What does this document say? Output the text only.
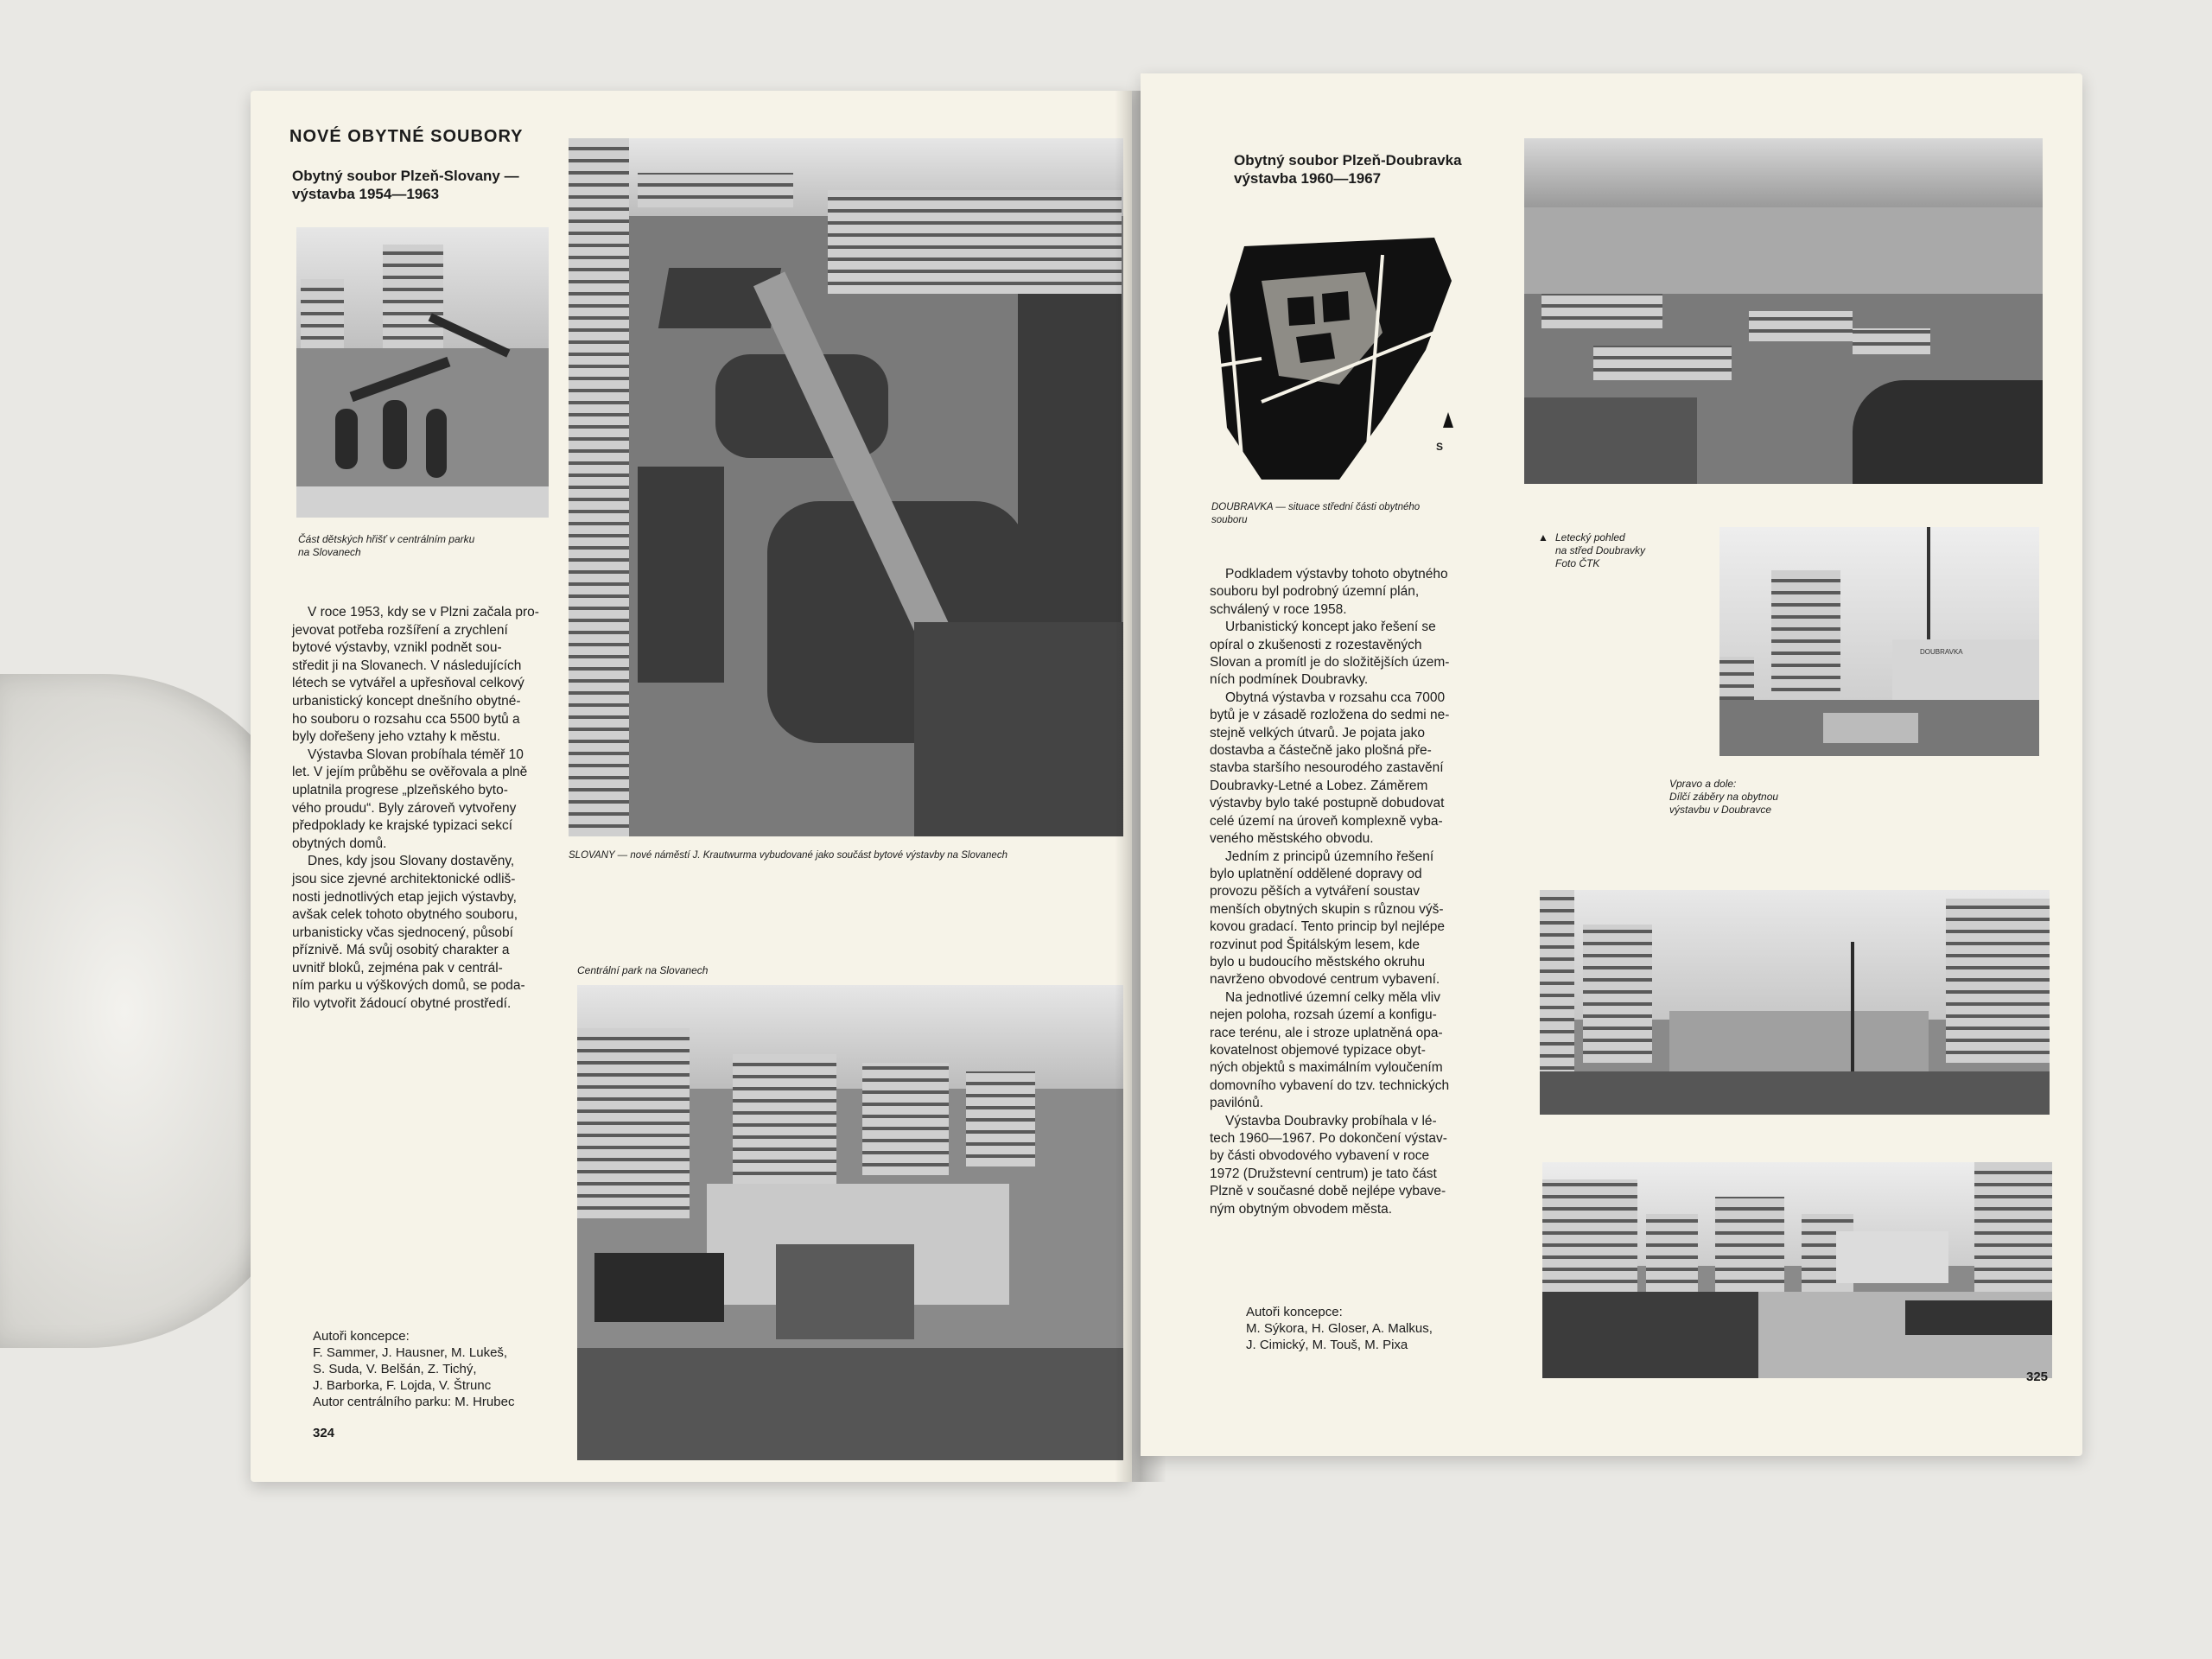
NOVÉ OBYTNÉ SOUBORY
Obytný soubor Plzeň-Slovany —
výstavba 1954—1963
Část dětských hřišť v centrálním parku
na Slovanech

V roce 1953, kdy se v Plzni začala pro-
jevovat potřeba rozšíření a zrychlení
bytové výstavby, vznikl podnět sou-
středit ji na Slovanech. V následujících
létech se vytvářel a upřesňoval celkový
urbanistický koncept dnešního obytné-
ho souboru o rozsahu cca 5500 bytů a
byly dořešeny jeho vztahy k městu.

Výstavba Slovan probíhala téměř 10
let. V jejím průběhu se ověřovala a plně
uplatnila progrese „plzeňského byto-
vého proudu“. Byly zároveň vytvořeny
předpoklady ke krajské typizaci sekcí
obytných domů.

Dnes, kdy jsou Slovany dostavěny,
jsou sice zjevné architektonické odliš-
nosti jednotlivých etap jejich výstavby,
avšak celek tohoto obytného souboru,
urbanisticky včas sjednocený, působí
příznivě. Má svůj osobitý charakter a
uvnitř bloků, zejména pak v centrál-
ním parku u výškových domů, se poda-
řilo vytvořit žádoucí obytné prostředí.

SLOVANY — nové náměstí J. Krautwurma vybudované jako součást bytové výstavby na Slovanech
Centrální park na Slovanech
Autoři koncepce:
F. Sammer, J. Hausner, M. Lukeš,
S. Suda, V. Belšán, Z. Tichý,
J. Barborka, F. Lojda, V. Štrunc
Autor centrálního parku: M. Hrubec
324
Obytný soubor Plzeň-Doubravka
výstavba 1960—1967
S
DOUBRAVKA — situace střední části obytného
souboru
▲ Letecký pohled
na střed Doubravky
Foto ČTK

Podkladem výstavby tohoto obytného
souboru byl podrobný územní plán,
schválený v roce 1958.

Urbanistický koncept jako řešení se
opíral o zkušenosti z rozestavěných
Slovan a promítl je do složitějších územ-
ních podmínek Doubravky.

Obytná výstavba v rozsahu cca 7000
bytů je v zásadě rozložena do sedmi ne-
stejně velkých útvarů. Je pojata jako
dostavba a částečně jako plošná pře-
stavba staršího nesourodého zastavění
Doubravky-Letné a Lobez. Záměrem
výstavby bylo také postupně dobudovat
celé území na úroveň komplexně vyba-
veného městského obvodu.

Jedním z principů územního řešení
bylo uplatnění oddělené dopravy od
provozu pěších a vytváření soustav
menších obytných skupin s různou výš-
kovou gradací. Tento princip byl nejlépe
rozvinut pod Špitálským lesem, kde
bylo u budoucího městského okruhu
navrženo obvodové centrum vybavení.

Na jednotlivé územní celky měla vliv
nejen poloha, rozsah území a konfigu-
race terénu, ale i stroze uplatněná opa-
kovatelnost objemové typizace obyt-
ných objektů s maximálním vyloučením
domovního vybavení do tzv. technických
pavilónů.

Výstavba Doubravky probíhala v lé-
tech 1960—1967. Po dokončení výstav-
by části obvodového vybavení v roce
1972 (Družstevní centrum) je tato část
Plzně v současné době nejlépe vybave-
ným obytným obvodem města.

DOUBRAVKA
Vpravo a dole:
Dílčí záběry na obytnou
výstavbu v Doubravce
Autoři koncepce:
M. Sýkora, H. Gloser, A. Malkus,
J. Cimický, M. Touš, M. Pixa
325
